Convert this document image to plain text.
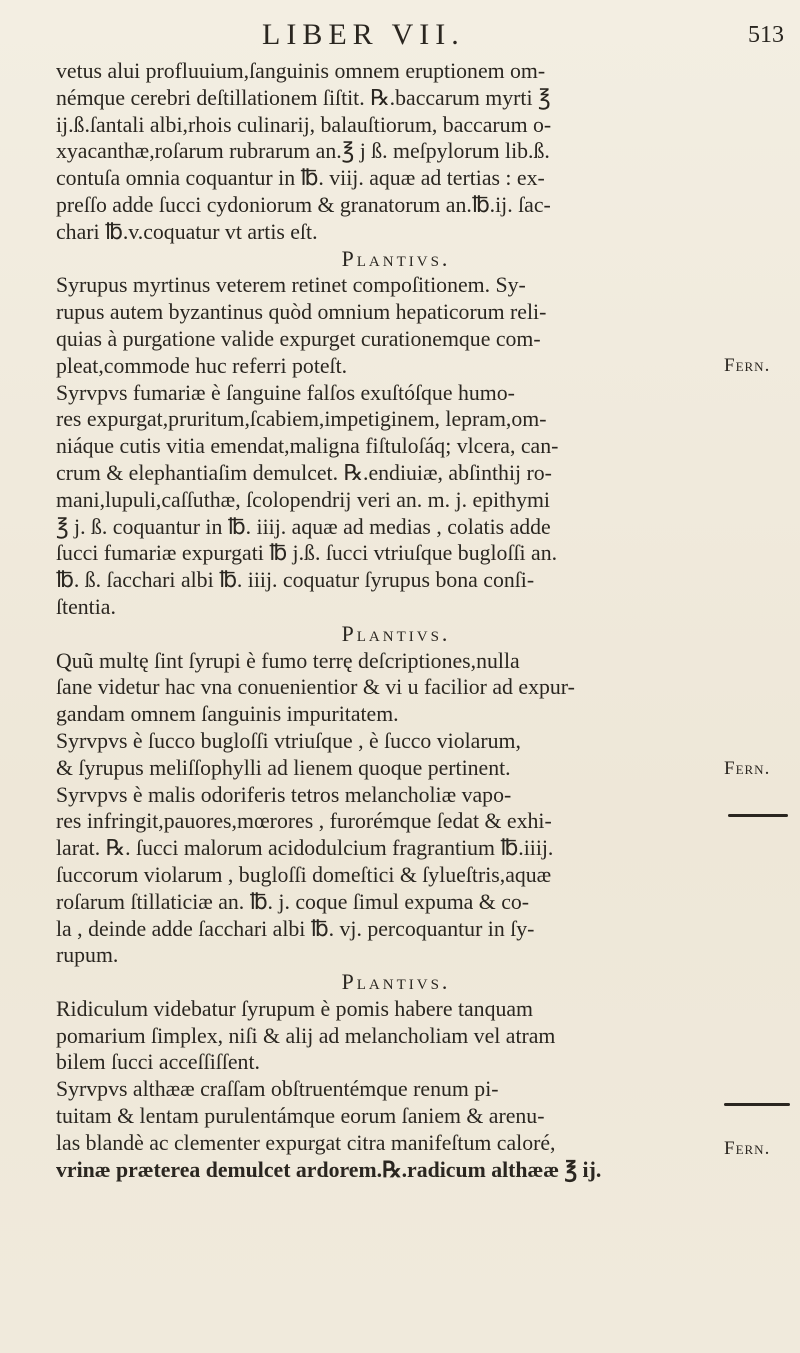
LIBER VII.	513
vetus alui profluuium,ſanguinis omnem eruptionem om-
némque cerebri deſtillationem ſiſtit. ℞.baccarum myrti ℥
ij.ß.ſantali albi,rhois culinarij, balauſtiorum, baccarum o-
xyacanthæ,roſarum rubrarum an.℥ j ß. meſpylorum lib.ß.
contuſa omnia coquantur in ℔. viij. aquæ ad tertias : ex-
preſſo adde ſucci cydoniorum & granatorum an.℔.ij. ſac-
chari ℔.v.coquatur vt artis eſt.
Plantivs.
Syrupus myrtinus veterem retinet compoſitionem. Sy-
rupus autem byzantinus quòd omnium hepaticorum reli-
quias à purgatione valide expurget curationemque com-
pleat,commode huc referri poteſt.
Syrvpvs fumariæ è ſanguine falſos exuſtóſque humo-
res expurgat,pruritum,ſcabiem,impetiginem, lepram,om-
niáque cutis vitia emendat,maligna fiſtuloſáq; vlcera, can-
crum & elephantiaſim demulcet. ℞.endiuiæ, abſinthij ro-
mani,lupuli,caſſuthæ, ſcolopendrij veri an. m. j. epithymi
℥ j. ß. coquantur in ℔. iiij. aquæ ad medias , colatis adde
ſucci fumariæ expurgati ℔ j.ß. ſucci vtriuſque bugloſſi an.
℔. ß. ſacchari albi ℔. iiij. coquatur ſyrupus bona conſi-
ſtentia.
Plantivs.
Quũ multę ſint ſyrupi è fumo terrę deſcriptiones,nulla
ſane videtur hac vna conuenientior & vi u facilior ad expur-
gandam omnem ſanguinis impuritatem.
Syrvpvs è ſucco bugloſſi vtriuſque , è ſucco violarum,
& ſyrupus meliſſophylli ad lienem quoque pertinent.
Syrvpvs è malis odoriferis tetros melancholiæ vapo-
res infringit,pauores,mœrores , furorémque ſedat & exhi-
larat. ℞. ſucci malorum acidodulcium fragrantium ℔.iiij.
ſuccorum violarum , bugloſſi domeſtici & ſylueſtris,aquæ
roſarum ſtillaticiæ an. ℔. j. coque ſimul expuma & co-
la , deinde adde ſacchari albi ℔. vj. percoquantur in ſy-
rupum.
Plantivs.
Ridiculum videbatur ſyrupum è pomis habere tanquam
pomarium ſimplex, niſi & alij ad melancholiam vel atram
bilem ſucci acceſſiſſent.
Syrvpvs althææ craſſam obſtruentémque renum pi-
tuitam & lentam purulentámque eorum ſaniem & arenu-
las blandè ac clementer expurgat citra manifeſtum caloré,
vrinæ præterea demulcet ardorem.℞.radicum althææ ℥ ij.
Fern.
Fern.
Fern.
